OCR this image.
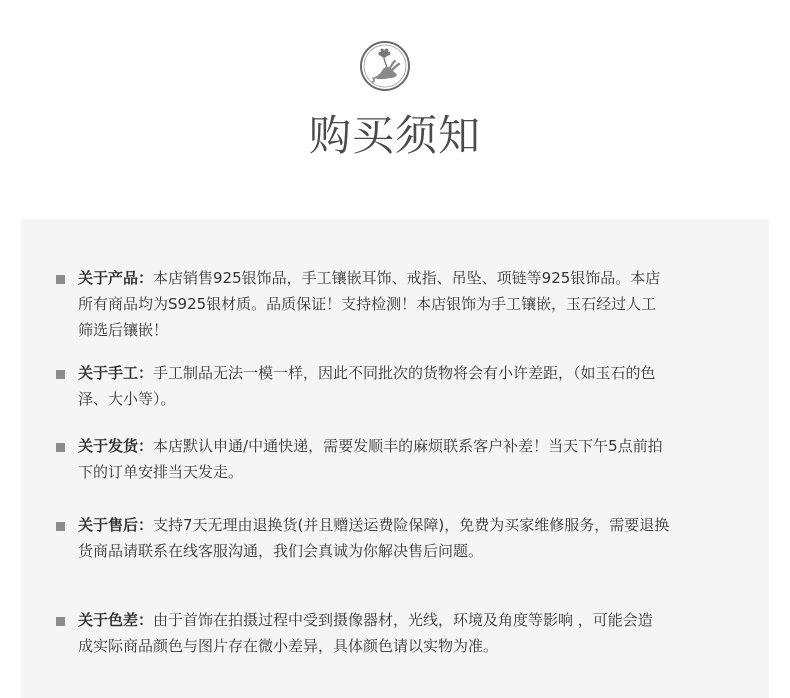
购买须知
关于产品：本店销售925银饰品，手工镶嵌耳饰、戒指、吊坠、项链等925银饰品。本店
所有商品均为S925银材质。品质保证！支持检测！本店银饰为手工镶嵌，玉石经过人工
筛选后镶嵌！
关于手工：手工制品无法一模一样，因此不同批次的货物将会有小许差距，（如玉石的色
泽、大小等）。
关于发货：本店默认申通/中通快递，需要发顺丰的麻烦联系客户补差！当天下午5点前拍
下的订单安排当天发走。
关于售后：支持7天无理由退换货(并且赠送运费险保障)，免费为买家维修服务，需要退换
货商品请联系在线客服沟通，我们会真诚为你解决售后问题。
关于色差：由于首饰在拍摄过程中受到摄像器材，光线，环境及角度等影响 ，可能会造
成实际商品颜色与图片存在微小差异，具体颜色请以实物为准。
